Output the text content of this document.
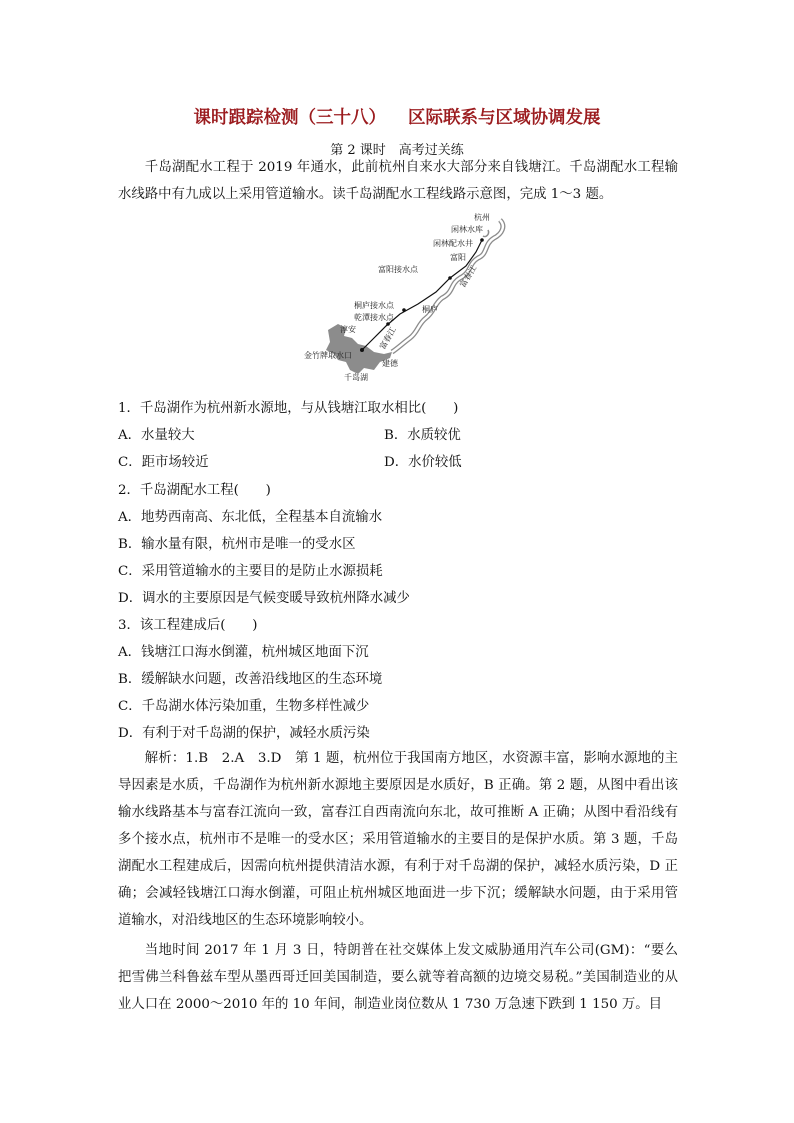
课时跟踪检测（三十八） 区际联系与区域协调发展
第 2 课时　高考过关练

千岛湖配水工程于 2019 年通水，此前杭州自来水大部分来自钱塘江。千岛湖配水工程输水线路中有九成以上采用管道输水。读千岛湖配水工程线路示意图，完成 1～3 题。

杭州
闲林水库
闲林配水井
富阳
富阳接水点	富春江
桐庐接水点	桐庐
乾潭接水点
淳安	富春江
金竹牌取水口
建德
千岛湖
1．千岛湖作为杭州新水源地，与从钱塘江取水相比(　　)
A．水量较大	B．水质较优
C．距市场较近	D．水价较低
2．千岛湖配水工程(　　)
A．地势西南高、东北低，全程基本自流输水
B．输水量有限，杭州市是唯一的受水区
C．采用管道输水的主要目的是防止水源损耗
D．调水的主要原因是气候变暖导致杭州降水减少
3．该工程建成后(　　)
A．钱塘江口海水倒灌，杭州城区地面下沉
B．缓解缺水问题，改善沿线地区的生态环境
C．千岛湖水体污染加重，生物多样性减少
D．有利于对千岛湖的保护，减轻水质污染

解析：1.B　2.A　3.D　第 1 题，杭州位于我国南方地区，水资源丰富，影响水源地的主导因素是水质，千岛湖作为杭州新水源地主要原因是水质好，B 正确。第 2 题，从图中看出该输水线路基本与富春江流向一致，富春江自西南流向东北，故可推断 A 正确；从图中看沿线有多个接水点，杭州市不是唯一的受水区；采用管道输水的主要目的是保护水质。第 3 题，千岛湖配水工程建成后，因需向杭州提供清洁水源，有利于对千岛湖的保护，减轻水质污染，D 正确；会减轻钱塘江口海水倒灌，可阻止杭州城区地面进一步下沉；缓解缺水问题，由于采用管道输水，对沿线地区的生态环境影响较小。

当地时间 2017 年 1 月 3 日，特朗普在社交媒体上发文威胁通用汽车公司(GM)：“要么把雪佛兰科鲁兹车型从墨西哥迁回美国制造，要么就等着高额的边境交易税。”美国制造业的从业人口在 2000～2010 年的 10 年间，制造业岗位数从 1 730 万急速下跌到 1 150 万。目
